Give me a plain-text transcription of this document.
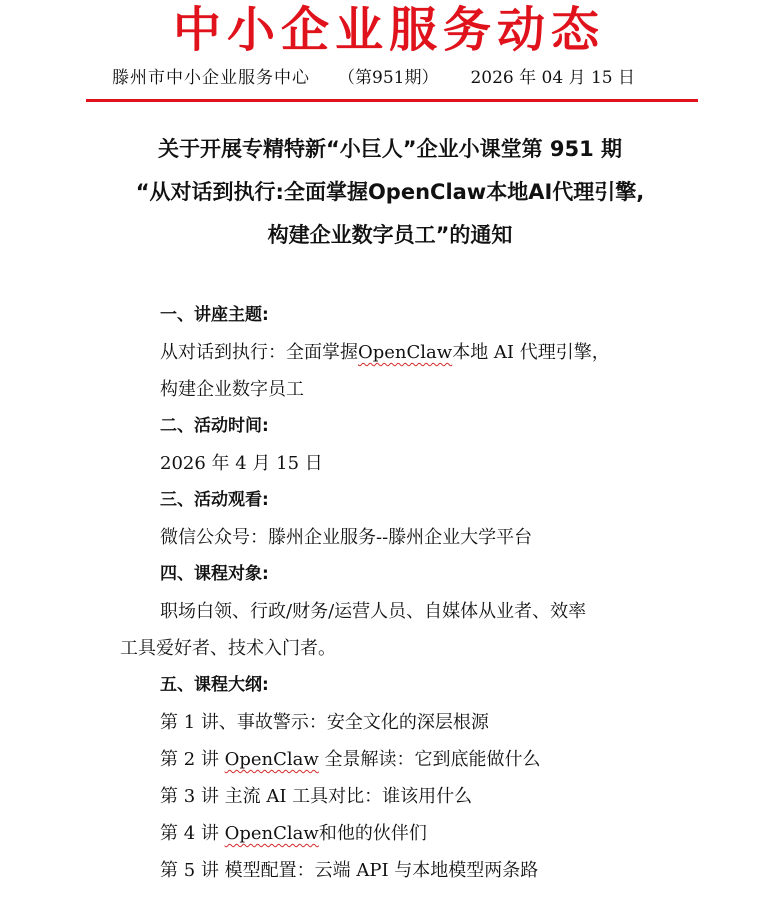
中小企业服务动态
滕州市中小企业服务中心 （第951期） 2026 年 04 月 15 日
关于开展专精特新“小巨人”企业小课堂第 951 期
“从对话到执行:全面掌握OpenClaw本地AI代理引擎,
构建企业数字员工”的通知
一、讲座主题:
从对话到执行：全面掌握OpenClaw本地 AI 代理引擎，
构建企业数字员工
二、活动时间:
2026 年 4 月 15 日
三、活动观看:
微信公众号：滕州企业服务--滕州企业大学平台
四、课程对象:
职场白领、行政/财务/运营人员、自媒体从业者、效率
工具爱好者、技术入门者。
五、课程大纲:
第 1 讲、事故警示：安全文化的深层根源
第 2 讲 OpenClaw 全景解读：它到底能做什么
第 3 讲 主流 AI 工具对比：谁该用什么
第 4 讲 OpenClaw和他的伙伴们
第 5 讲 模型配置：云端 API 与本地模型两条路
